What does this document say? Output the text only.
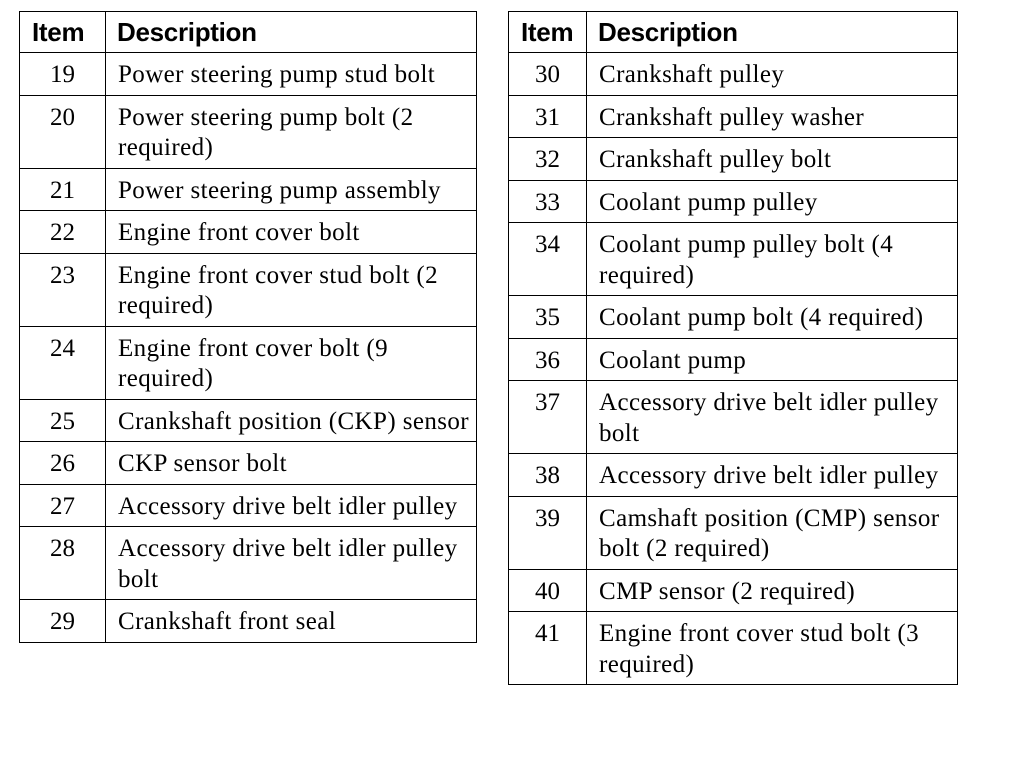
Item	Description
19	Power steering pump stud bolt
20	Power steering pump bolt (2 required)
21	Power steering pump assembly
22	Engine front cover bolt
23	Engine front cover stud bolt (2 required)
24	Engine front cover bolt (9 required)
25	Crankshaft position (CKP) sensor
26	CKP sensor bolt
27	Accessory drive belt idler pulley
28	Accessory drive belt idler pulley bolt
29	Crankshaft front seal
Item	Description
30	Crankshaft pulley
31	Crankshaft pulley washer
32	Crankshaft pulley bolt
33	Coolant pump pulley
34	Coolant pump pulley bolt (4 required)
35	Coolant pump bolt (4 required)
36	Coolant pump
37	Accessory drive belt idler pulley bolt
38	Accessory drive belt idler pulley
39	Camshaft position (CMP) sensor bolt (2 required)
40	CMP sensor (2 required)
41	Engine front cover stud bolt (3 required)
